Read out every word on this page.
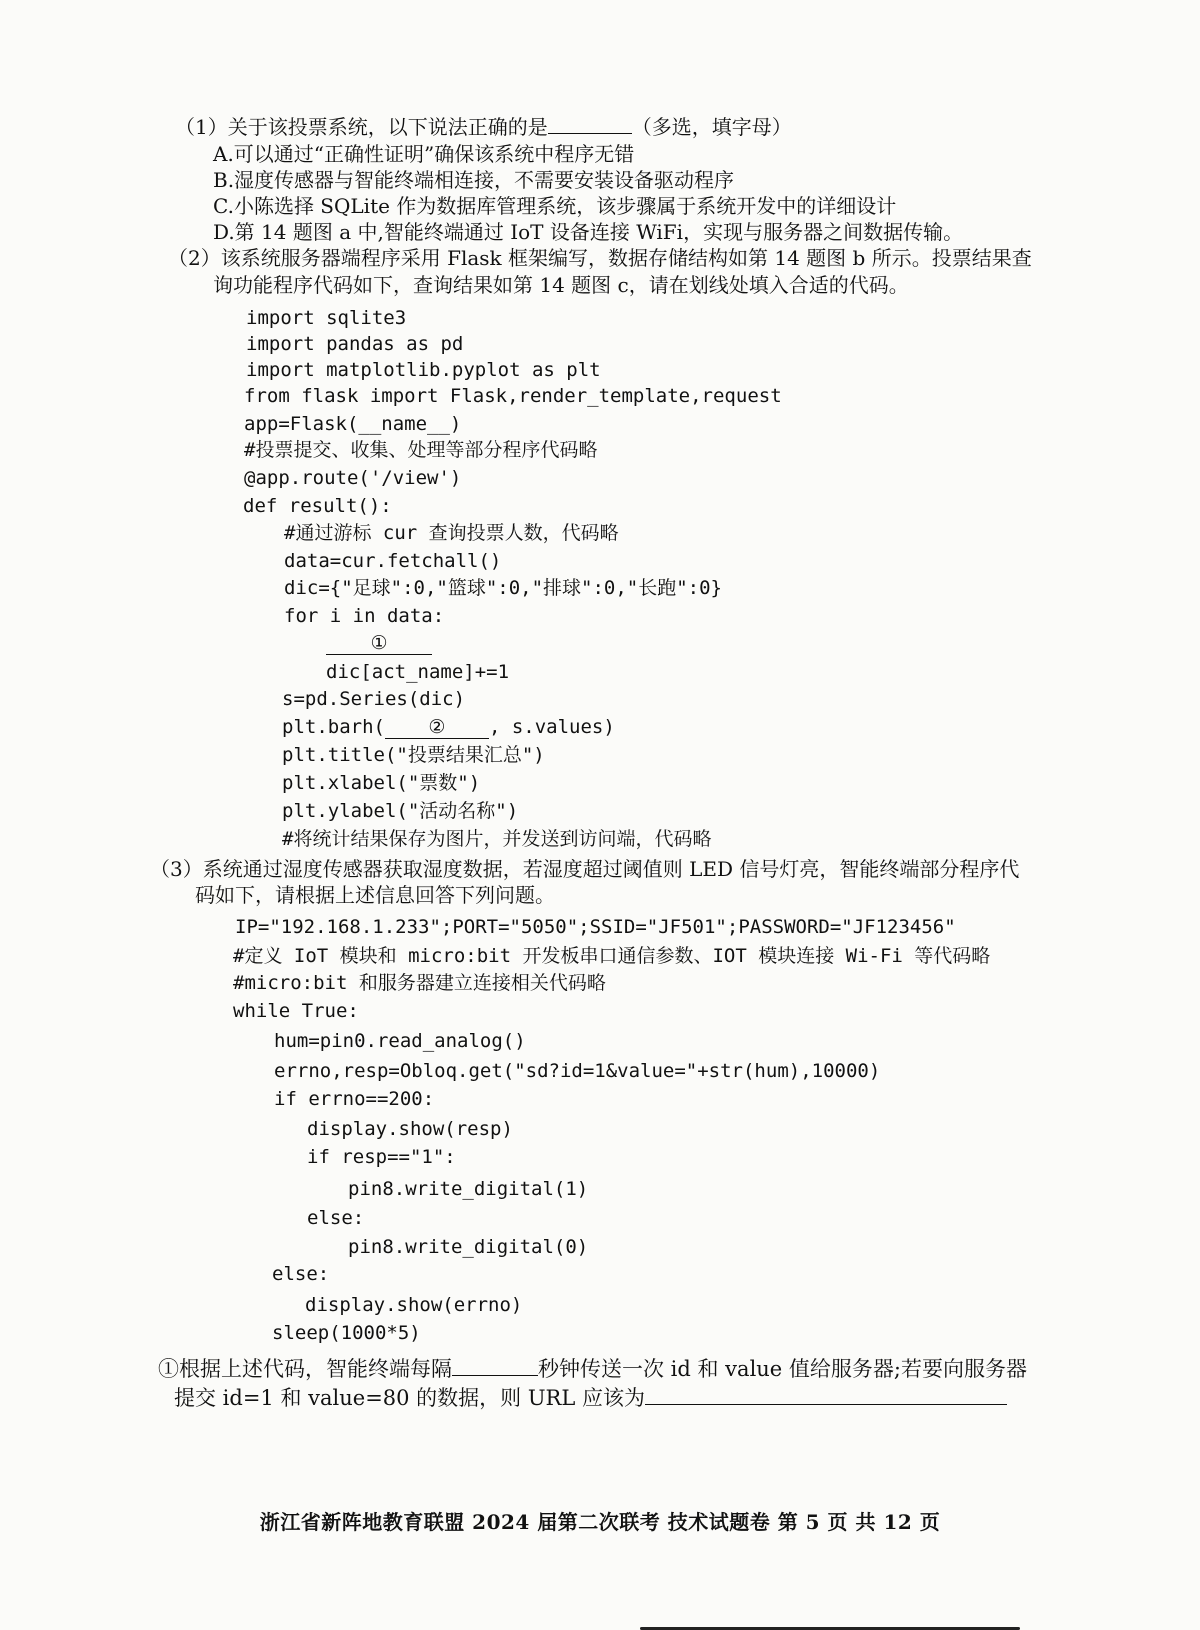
（1）关于该投票系统，以下说法正确的是	（多选，填字母）
A.可以通过“正确性证明”确保该系统中程序无错
B.湿度传感器与智能终端相连接，不需要安装设备驱动程序
C.小陈选择 SQLite 作为数据库管理系统，该步骤属于系统开发中的详细设计
D.第 14 题图 a 中,智能终端通过 IoT 设备连接 WiFi，实现与服务器之间数据传输。
（2）该系统服务器端程序采用 Flask 框架编写，数据存储结构如第 14 题图 b 所示。投票结果查
询功能程序代码如下，查询结果如第 14 题图 c，请在划线处填入合适的代码。
import sqlite3
import pandas as pd
import matplotlib.pyplot as plt
from flask import Flask,render_template,request
app=Flask(__name__)
#投票提交、收集、处理等部分程序代码略
@app.route('/view')
def result():
#通过游标 cur 查询投票人数，代码略
data=cur.fetchall()
dic={"足球":0,"篮球":0,"排球":0,"长跑":0}
for i in data:
①
dic[act_name]+=1
s=pd.Series(dic)
plt.barh( ② , s.values)
plt.title("投票结果汇总")
plt.xlabel("票数")
plt.ylabel("活动名称")
#将统计结果保存为图片，并发送到访问端，代码略
（3）系统通过湿度传感器获取湿度数据，若湿度超过阈值则 LED 信号灯亮，智能终端部分程序代
码如下，请根据上述信息回答下列问题。
IP="192.168.1.233";PORT="5050";SSID="JF501";PASSWORD="JF123456"
#定义 IoT 模块和 micro:bit 开发板串口通信参数、IOT 模块连接 Wi-Fi 等代码略
#micro:bit 和服务器建立连接相关代码略
while True:
hum=pin0.read_analog()
errno,resp=Obloq.get("sd?id=1&value="+str(hum),10000)
if errno==200:
display.show(resp)
if resp=="1":
pin8.write_digital(1)
else:
pin8.write_digital(0)
else:
display.show(errno)
sleep(1000*5)
①根据上述代码，智能终端每隔	秒钟传送一次 id 和 value 值给服务器;若要向服务器
提交 id=1 和 value=80 的数据，则 URL 应该为
浙江省新阵地教育联盟 2024 届第二次联考 技术试题卷 第 5 页 共 12 页
